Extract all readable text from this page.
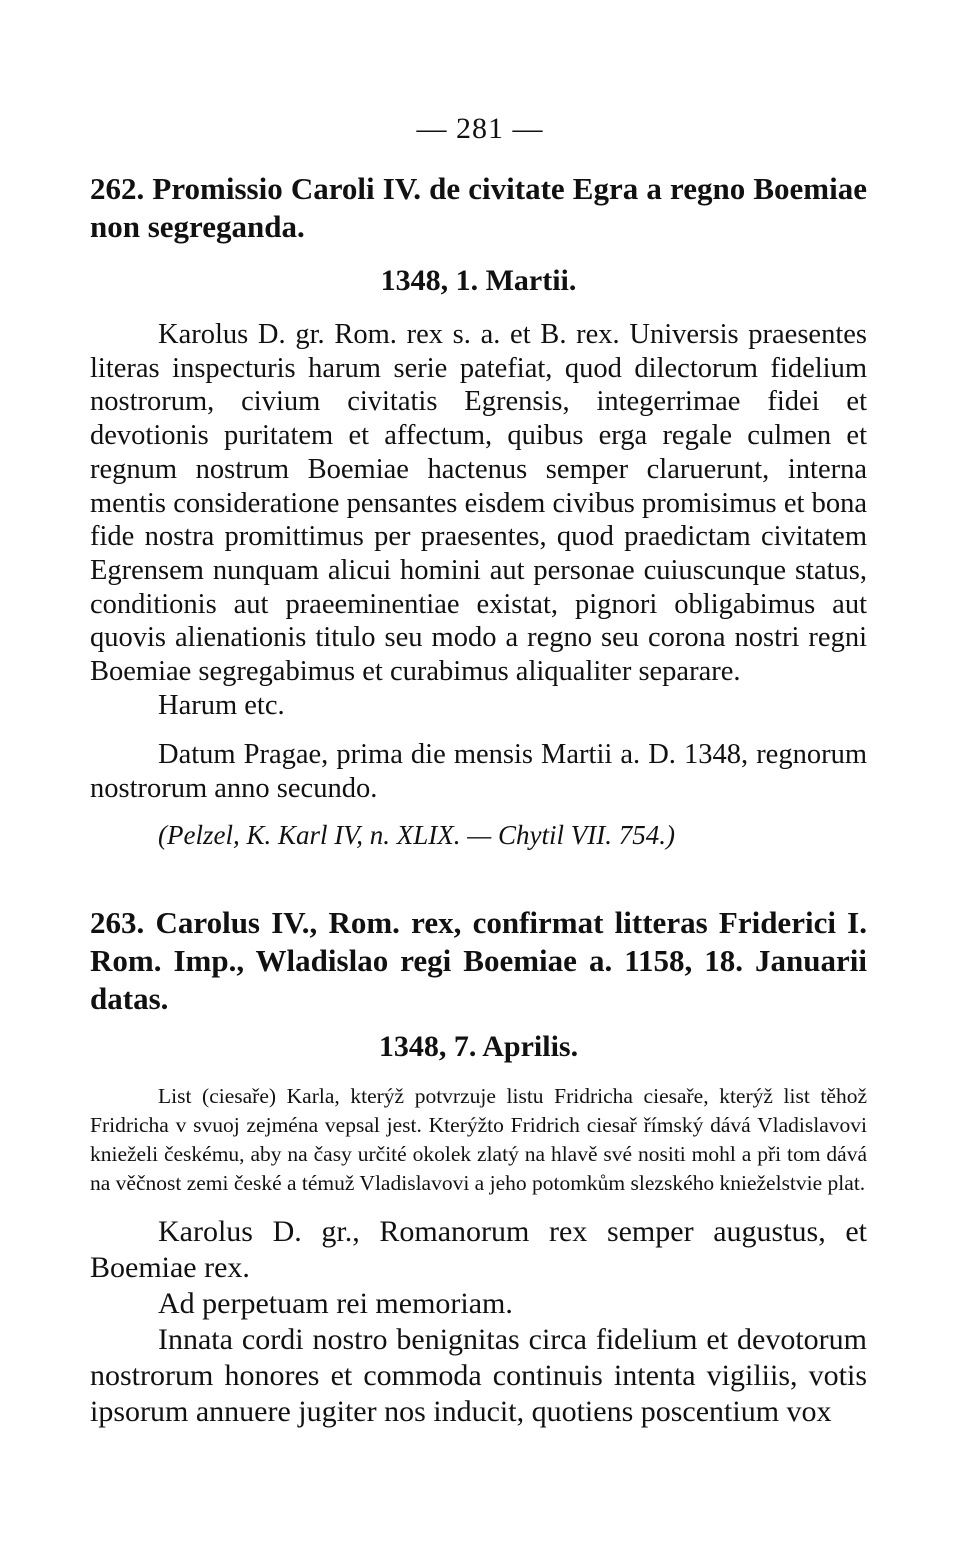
— 281 —
262. Promissio Caroli IV. de civitate Egra a regno Boemiae non segreganda.

1348, 1. Martii.

Karolus D. gr. Rom. rex s. a. et B. rex. Universis praesentes literas inspecturis harum serie patefiat, quod dilectorum fidelium nostrorum, civium civitatis Egrensis, integerrimae fidei et devotionis puritatem et affectum, quibus erga regale culmen et regnum nostrum Boemiae hactenus semper claruerunt, interna mentis consideratione pensantes eisdem civibus promisimus et bona fide nostra promittimus per praesentes, quod praedictam civitatem Egrensem nunquam alicui homini aut personae cuiuscunque status, conditionis aut praeeminentiae existat, pignori obligabimus aut quovis alienationis titulo seu modo a regno seu corona nostri regni Boemiae segregabimus et curabimus aliqualiter separare.

Harum etc.

Datum Pragae, prima die mensis Martii a. D. 1348, regnorum nostrorum anno secundo.

(Pelzel, K. Karl IV, n. XLIX. — Chytil VII. 754.)

263. Carolus IV., Rom. rex, confirmat litteras Friderici I. Rom. Imp., Wladislao regi Boemiae a. 1158, 18. Januarii datas.

1348, 7. Aprilis.

List (ciesaře) Karla, kterýž potvrzuje listu Fridricha ciesaře, kterýž list těhož Fridricha v svuoj zejména vepsal jest. Kterýžto Fridrich ciesař římský dává Vladislavovi knieželi českému, aby na časy určité okolek zlatý na hlavě své nositi mohl a při tom dává na věčnost zemi české a témuž Vladislavovi a jeho potomkům slezského knieželstvie plat.

Karolus D. gr., Romanorum rex semper augustus, et Boemiae rex.

Ad perpetuam rei memoriam.

Innata cordi nostro benignitas circa fidelium et devotorum nostrorum honores et commoda continuis intenta vigiliis, votis ipsorum annuere jugiter nos inducit, quotiens poscentium vox
